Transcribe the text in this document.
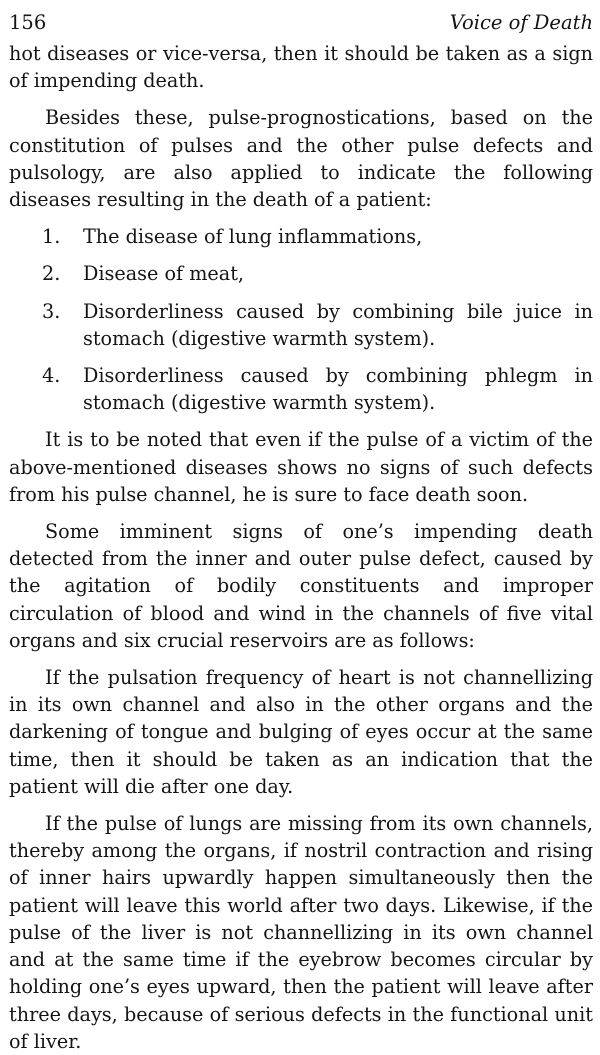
156	Voice of Death

hot diseases or vice-versa, then it should be taken as a sign of impending death.

Besides these, pulse-prognostications, based on the constitution of pulses and the other pulse defects and pulsology, are also applied to indicate the following diseases resulting in the death of a patient:

1.	The disease of lung inflammations,
2.	Disease of meat,
3.	Disorderliness caused by combining bile juice in stomach (digestive warmth system).
4.	Disorderliness caused by combining phlegm in stomach (digestive warmth system).

It is to be noted that even if the pulse of a victim of the above-mentioned diseases shows no signs of such defects from his pulse channel, he is sure to face death soon.

Some imminent signs of one’s impending death detected from the inner and outer pulse defect, caused by the agitation of bodily constituents and improper circulation of blood and wind in the channels of five vital organs and six crucial reservoirs are as follows:

If the pulsation frequency of heart is not channellizing in its own channel and also in the other organs and the darkening of tongue and bulging of eyes occur at the same time, then it should be taken as an indication that the patient will die after one day.

If the pulse of lungs are missing from its own channels, thereby among the organs, if nostril contraction and rising of inner hairs upwardly happen simultaneously then the patient will leave this world after two days. Likewise, if the pulse of the liver is not channellizing in its own channel and at the same time if the eyebrow becomes circular by holding one’s eyes upward, then the patient will leave after three days, because of serious defects in the functional unit of liver.
